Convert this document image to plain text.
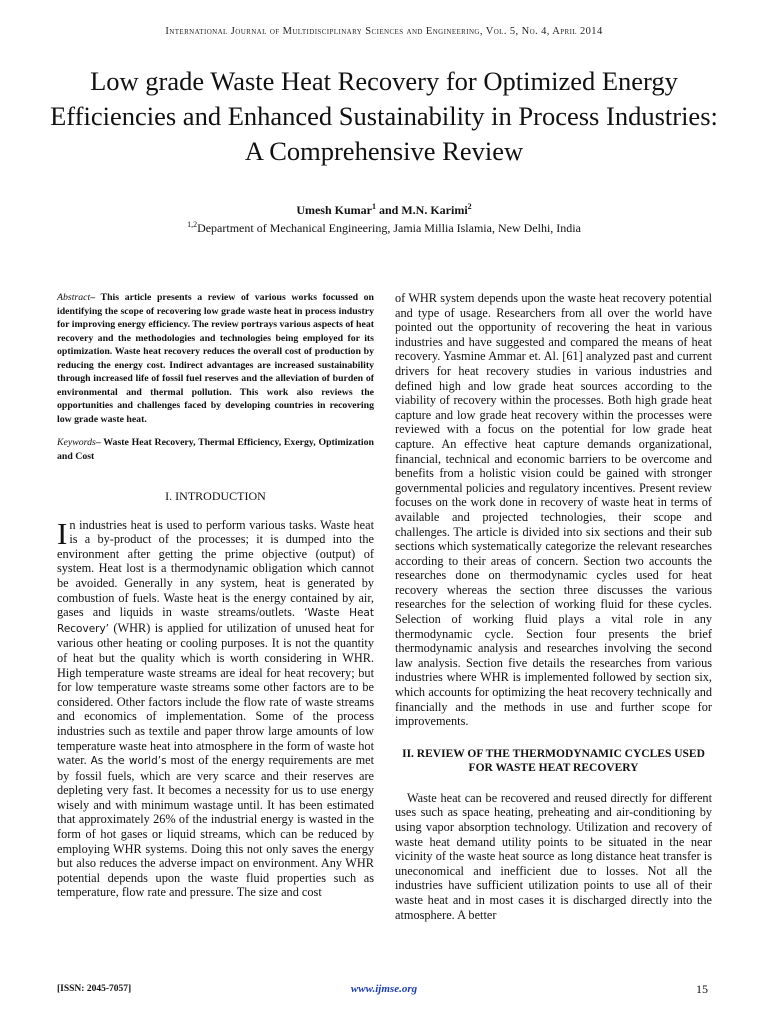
International Journal of Multidisciplinary Sciences and Engineering, Vol. 5, No. 4, April 2014
Low grade Waste Heat Recovery for Optimized Energy Efficiencies and Enhanced Sustainability in Process Industries: A Comprehensive Review
Umesh Kumar$^1$ and M.N. Karimi$^2$
$^{1,2}$Department of Mechanical Engineering, Jamia Millia Islamia, New Delhi, India

Abstract– This article presents a review of various works focussed on identifying the scope of recovering low grade waste heat in process industry for improving energy efficiency. The review portrays various aspects of heat recovery and the methodologies and technologies being employed for its optimization. Waste heat recovery reduces the overall cost of production by reducing the energy cost. Indirect advantages are increased sustainability through increased life of fossil fuel reserves and the alleviation of burden of environmental and thermal pollution. This work also reviews the opportunities and challenges faced by developing countries in recovering low grade waste heat.

Keywords– Waste Heat Recovery, Thermal Efficiency, Exergy, Optimization and Cost

I. INTRODUCTION

In industries heat is used to perform various tasks. Waste heat is a by-product of the processes; it is dumped into the environment after getting the prime objective (output) of system. Heat lost is a thermodynamic obligation which cannot be avoided. Generally in any system, heat is generated by combustion of fuels. Waste heat is the energy contained by air, gases and liquids in waste streams/outlets. ‘Waste Heat Recovery’ (WHR) is applied for utilization of unused heat for various other heating or cooling purposes. It is not the quantity of heat but the quality which is worth considering in WHR. High temperature waste streams are ideal for heat recovery; but for low temperature waste streams some other factors are to be considered. Other factors include the flow rate of waste streams and economics of implementation. Some of the process industries such as textile and paper throw large amounts of low temperature waste heat into atmosphere in the form of waste hot water. As the world’s most of the energy requirements are met by fossil fuels, which are very scarce and their reserves are depleting very fast. It becomes a necessity for us to use energy wisely and with minimum wastage until. It has been estimated that approximately 26% of the industrial energy is wasted in the form of hot gases or liquid streams, which can be reduced by employing WHR systems. Doing this not only saves the energy but also reduces the adverse impact on environment. Any WHR potential depends upon the waste fluid properties such as temperature, flow rate and pressure. The size and cost

of WHR system depends upon the waste heat recovery potential and type of usage. Researchers from all over the world have pointed out the opportunity of recovering the heat in various industries and have suggested and compared the means of heat recovery. Yasmine Ammar et. Al. [61] analyzed past and current drivers for heat recovery studies in various industries and defined high and low grade heat sources according to the viability of recovery within the processes. Both high grade heat capture and low grade heat recovery within the processes were reviewed with a focus on the potential for low grade heat capture. An effective heat capture demands organizational, financial, technical and economic barriers to be overcome and benefits from a holistic vision could be gained with stronger governmental policies and regulatory incentives. Present review focuses on the work done in recovery of waste heat in terms of available and projected technologies, their scope and challenges. The article is divided into six sections and their sub sections which systematically categorize the relevant researches according to their areas of concern. Section two accounts the researches done on thermodynamic cycles used for heat recovery whereas the section three discusses the various researches for the selection of working fluid for these cycles. Selection of working fluid plays a vital role in any thermodynamic cycle. Section four presents the brief thermodynamic analysis and researches involving the second law analysis. Section five details the researches from various industries where WHR is implemented followed by section six, which accounts for optimizing the heat recovery technically and financially and the methods in use and further scope for improvements.

II. REVIEW OF THE THERMODYNAMIC CYCLES USED FOR WASTE HEAT RECOVERY

Waste heat can be recovered and reused directly for different uses such as space heating, preheating and air-conditioning by using vapor absorption technology. Utilization and recovery of waste heat demand utility points to be situated in the near vicinity of the waste heat source as long distance heat transfer is uneconomical and inefficient due to losses. Not all the industries have sufficient utilization points to use all of their waste heat and in most cases it is discharged directly into the atmosphere. A better

[ISSN: 2045-7057]	www.ijmse.org	15
